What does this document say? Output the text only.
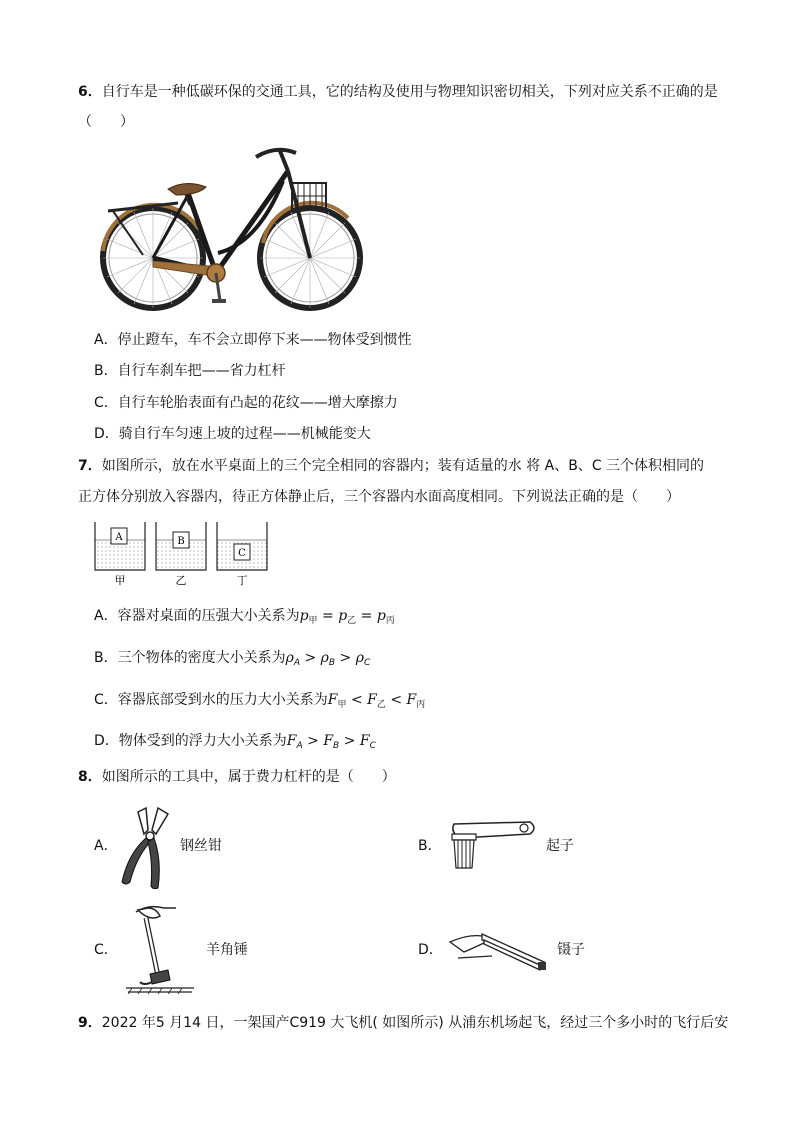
6．自行车是一种低碳环保的交通工具，它的结构及使用与物理知识密切相关，下列对应关系不正确的是
（　　）
A．停止蹬车，车不会立即停下来——物体受到惯性
B．自行车刹车把——省力杠杆
C．自行车轮胎表面有凸起的花纹——增大摩擦力
D．骑自行车匀速上坡的过程——机械能变大
7．如图所示，放在水平桌面上的三个完全相同的容器内；装有适量的水 将 A、B、C 三个体积相同的
正方体分别放入容器内，待正方体静止后，三个容器内水面高度相同。下列说法正确的是（　　）
A	B
C
甲	乙	丁
A．容器对桌面的压强大小关系为$p_甲 = p_乙 = p_丙$
B．三个物体的密度大小关系为$\rho_A > \rho_B > \rho_C$
C．容器底部受到水的压力大小关系为$F_甲 < F_乙 < F_丙$
D．物体受到的浮力大小关系为$F_A > F_B > F_C$
8．如图所示的工具中，属于费力杠杆的是（　　）
A．	钢丝钳	B．	起子
C．	羊角锤	D．	镊子
9．2022 年5 月14 日，一架国产C919 大飞机( 如图所示) 从浦东机场起飞，经过三个多小时的飞行后安
